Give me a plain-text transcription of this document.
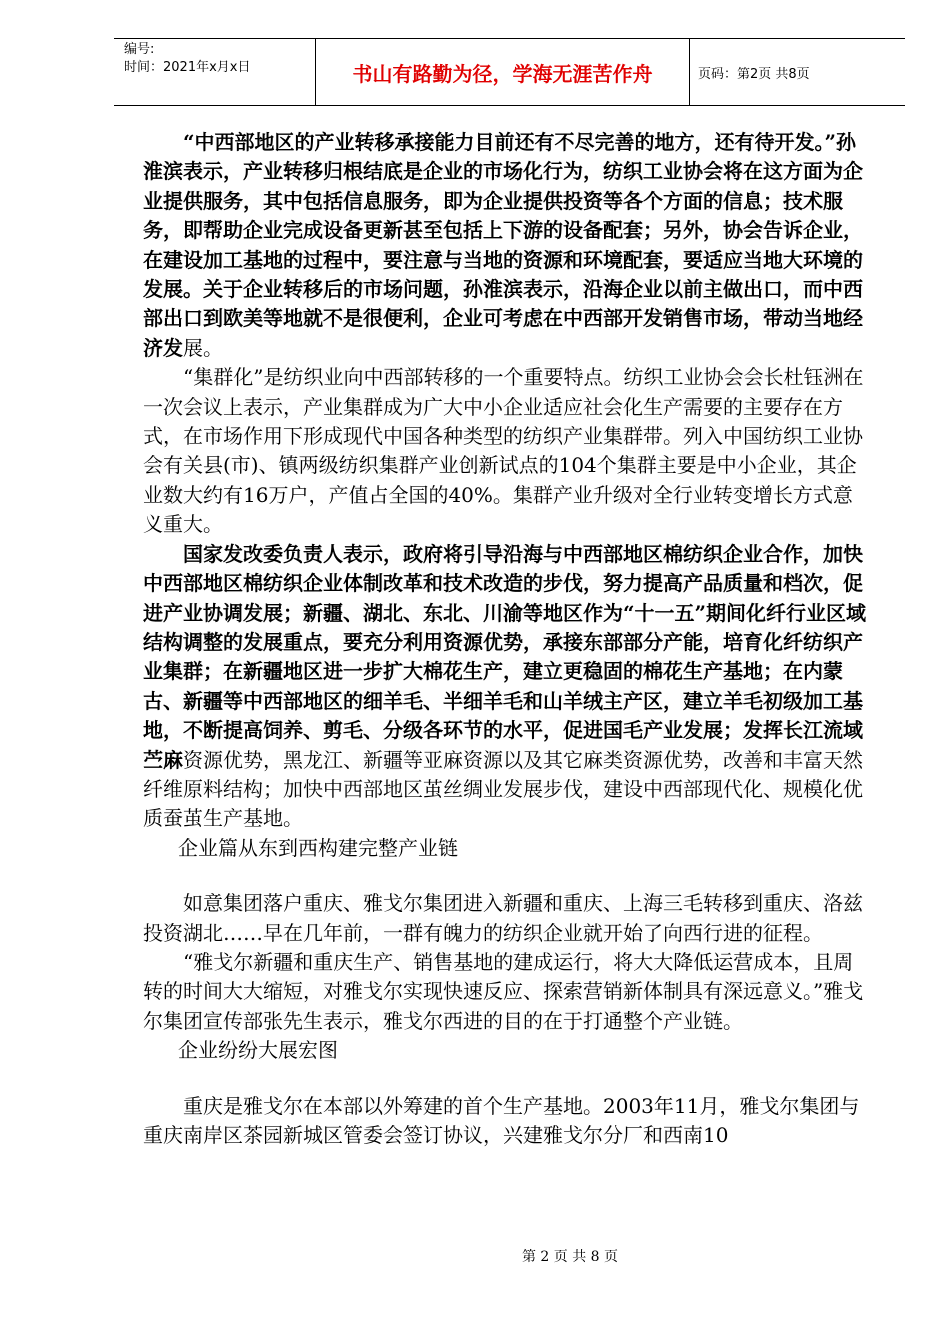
编号:
时间：2021年x月x日	书山有路勤为径，学海无涯苦作舟	页码：第2页 共8页

“中西部地区的产业转移承接能力目前还有不尽完善的地方，还有待开发。”孙淮滨表示，产业转移归根结底是企业的市场化行为，纺织工业协会将在这方面为企业提供服务，其中包括信息服务，即为企业提供投资等各个方面的信息；技术服务，即帮助企业完成设备更新甚至包括上下游的设备配套；另外，协会告诉企业，在建设加工基地的过程中，要注意与当地的资源和环境配套，要适应当地大环境的发展。关于企业转移后的市场问题，孙淮滨表示，沿海企业以前主做出口，而中西部出口到欧美等地就不是很便利，企业可考虑在中西部开发销售市场，带动当地经济发展。

“集群化”是纺织业向中西部转移的一个重要特点。纺织工业协会会长杜钰洲在一次会议上表示，产业集群成为广大中小企业适应社会化生产需要的主要存在方式，在市场作用下形成现代中国各种类型的纺织产业集群带。列入中国纺织工业协会有关县(市)、镇两级纺织集群产业创新试点的104个集群主要是中小企业，其企业数大约有16万户，产值占全国的40%。集群产业升级对全行业转变增长方式意义重大。

国家发改委负责人表示，政府将引导沿海与中西部地区棉纺织企业合作，加快中西部地区棉纺织企业体制改革和技术改造的步伐，努力提高产品质量和档次，促进产业协调发展；新疆、湖北、东北、川渝等地区作为“十一五”期间化纤行业区域结构调整的发展重点，要充分利用资源优势，承接东部部分产能，培育化纤纺织产业集群；在新疆地区进一步扩大棉花生产，建立更稳固的棉花生产基地；在内蒙古、新疆等中西部地区的细羊毛、半细羊毛和山羊绒主产区，建立羊毛初级加工基地，不断提高饲养、剪毛、分级各环节的水平，促进国毛产业发展；发挥长江流域苎麻资源优势，黑龙江、新疆等亚麻资源以及其它麻类资源优势，改善和丰富天然纤维原料结构；加快中西部地区茧丝绸业发展步伐，建设中西部现代化、规模化优质蚕茧生产基地。

企业篇从东到西构建完整产业链

如意集团落户重庆、雅戈尔集团进入新疆和重庆、上海三毛转移到重庆、洛兹投资湖北……早在几年前，一群有魄力的纺织企业就开始了向西行进的征程。

“雅戈尔新疆和重庆生产、销售基地的建成运行，将大大降低运营成本，且周转的时间大大缩短，对雅戈尔实现快速反应、探索营销新体制具有深远意义。”雅戈尔集团宣传部张先生表示，雅戈尔西进的目的在于打通整个产业链。

企业纷纷大展宏图

重庆是雅戈尔在本部以外筹建的首个生产基地。2003年11月，雅戈尔集团与重庆南岸区茶园新城区管委会签订协议，兴建雅戈尔分厂和西南10

第 2 页 共 8 页
